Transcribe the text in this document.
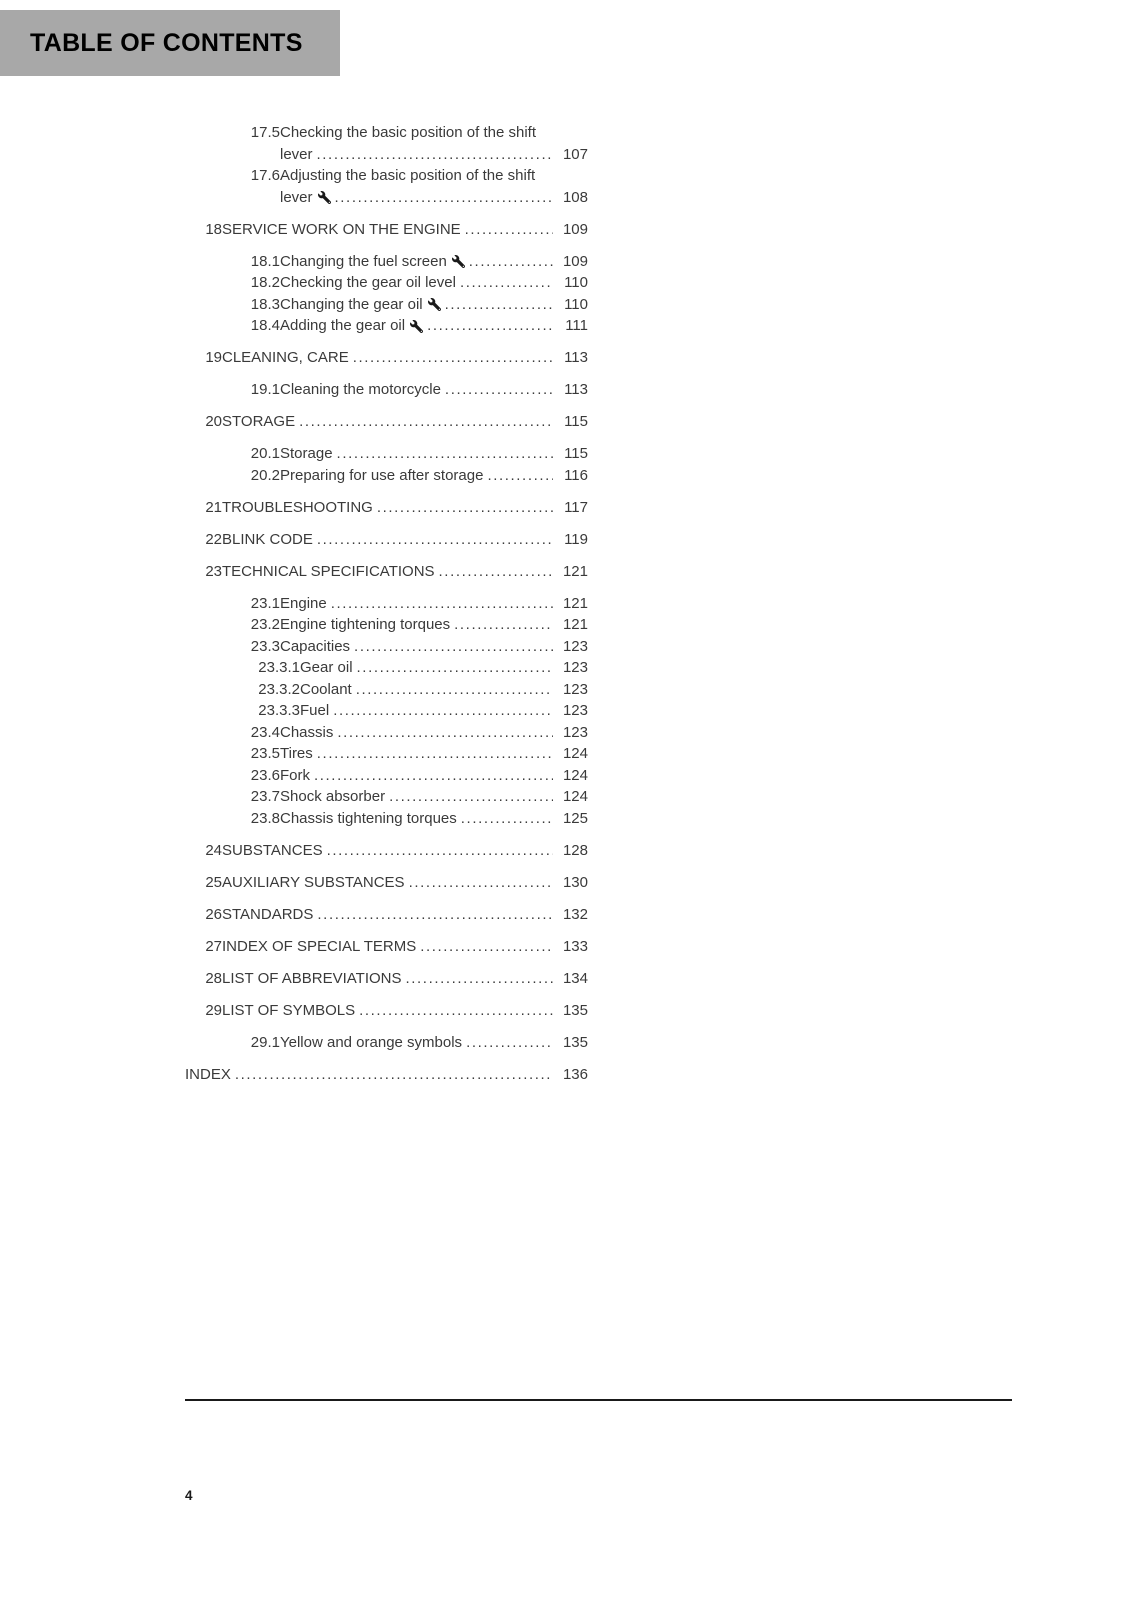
TABLE OF CONTENTS
17.5 Checking the basic position of the shift
lever .....	107
17.6 Adjusting the basic position of the shift
lever .....	108
18 SERVICE WORK ON THE ENGINE .....	109
18.1 Changing the fuel screen .....	109
18.2 Checking the gear oil level .....	110
18.3 Changing the gear oil .....	110
18.4 Adding the gear oil .....	111
19 CLEANING, CARE .....	113
19.1 Cleaning the motorcycle .....	113
20 STORAGE .....	115
20.1 Storage .....	115
20.2 Preparing for use after storage .....	116
21 TROUBLESHOOTING .....	117
22 BLINK CODE .....	119
23 TECHNICAL SPECIFICATIONS .....	121
23.1 Engine .....	121
23.2 Engine tightening torques .....	121
23.3 Capacities .....	123
23.3.1 Gear oil .....	123
23.3.2 Coolant .....	123
23.3.3 Fuel .....	123
23.4 Chassis .....	123
23.5 Tires .....	124
23.6 Fork .....	124
23.7 Shock absorber .....	124
23.8 Chassis tightening torques .....	125
24 SUBSTANCES .....	128
25 AUXILIARY SUBSTANCES .....	130
26 STANDARDS .....	132
27 INDEX OF SPECIAL TERMS .....	133
28 LIST OF ABBREVIATIONS .....	134
29 LIST OF SYMBOLS .....	135
29.1 Yellow and orange symbols .....	135
INDEX .....	136
4
